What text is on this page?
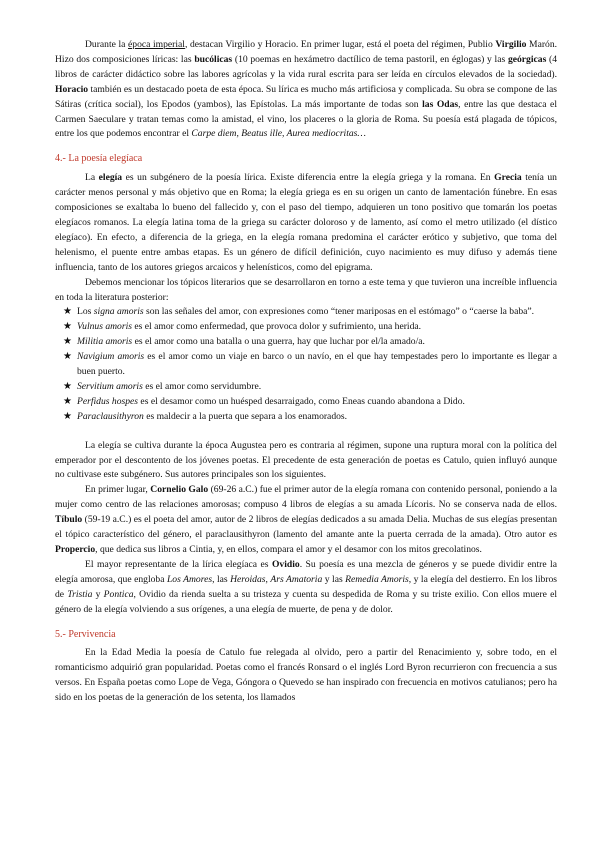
Durante la época imperial, destacan Virgilio y Horacio. En primer lugar, está el poeta del régimen, Publio Virgilio Marón. Hizo dos composiciones líricas: las bucólicas (10 poemas en hexámetro dactílico de tema pastoril, en églogas) y las geórgicas (4 libros de carácter didáctico sobre las labores agrícolas y la vida rural escrita para ser leída en círculos elevados de la sociedad). Horacio también es un destacado poeta de esta época. Su lírica es mucho más artificiosa y complicada. Su obra se compone de las Sátiras (crítica social), los Epodos (yambos), las Epístolas. La más importante de todas son las Odas, entre las que destaca el Carmen Saeculare y tratan temas como la amistad, el vino, los placeres o la gloria de Roma. Su poesía está plagada de tópicos, entre los que podemos encontrar el Carpe diem, Beatus ille, Aurea mediocritas…

4.- La poesía elegíaca

La elegía es un subgénero de la poesía lírica. Existe diferencia entre la elegía griega y la romana. En Grecia tenía un carácter menos personal y más objetivo que en Roma; la elegía griega es en su origen un canto de lamentación fúnebre. En esas composiciones se exaltaba lo bueno del fallecido y, con el paso del tiempo, adquieren un tono positivo que tomarán los poetas elegíacos romanos. La elegía latina toma de la griega su carácter doloroso y de lamento, así como el metro utilizado (el dístico elegíaco). En efecto, a diferencia de la griega, en la elegía romana predomina el carácter erótico y subjetivo, que toma del helenismo, el puente entre ambas etapas. Es un género de difícil definición, cuyo nacimiento es muy difuso y además tiene influencia, tanto de los autores griegos arcaicos y helenísticos, como del epigrama.

Debemos mencionar los tópicos literarios que se desarrollaron en torno a este tema y que tuvieron una increíble influencia en toda la literatura posterior:

★ Los signa amoris son las señales del amor, con expresiones como “tener mariposas en el estómago” o “caerse la baba”.
★ Vulnus amoris es el amor como enfermedad, que provoca dolor y sufrimiento, una herida.
★ Militia amoris es el amor como una batalla o una guerra, hay que luchar por el/la amado/a.
★ Navigium amoris es el amor como un viaje en barco o un navío, en el que hay tempestades pero lo importante es llegar a buen puerto.
★ Servitium amoris es el amor como servidumbre.
★ Perfidus hospes es el desamor como un huésped desarraigado, como Eneas cuando abandona a Dido.
★ Paraclausithyron es maldecir a la puerta que separa a los enamorados.

La elegía se cultiva durante la época Augustea pero es contraria al régimen, supone una ruptura moral con la política del emperador por el descontento de los jóvenes poetas. El precedente de esta generación de poetas es Catulo, quien influyó aunque no cultivase este subgénero. Sus autores principales son los siguientes.

En primer lugar, Cornelio Galo (69-26 a.C.) fue el primer autor de la elegía romana con contenido personal, poniendo a la mujer como centro de las relaciones amorosas; compuso 4 libros de elegías a su amada Lícoris. No se conserva nada de ellos. Tíbulo (59-19 a.C.) es el poeta del amor, autor de 2 libros de elegías dedicados a su amada Delia. Muchas de sus elegías presentan el tópico característico del género, el paraclausithyron (lamento del amante ante la puerta cerrada de la amada). Otro autor es Propercio, que dedica sus libros a Cintia, y, en ellos, compara el amor y el desamor con los mitos grecolatinos.

El mayor representante de la lírica elegíaca es Ovidio. Su poesía es una mezcla de géneros y se puede dividir entre la elegía amorosa, que engloba Los Amores, las Heroidas, Ars Amatoria y las Remedia Amoris, y la elegía del destierro. En los libros de Tristia y Pontica, Ovidio da rienda suelta a su tristeza y cuenta su despedida de Roma y su triste exilio. Con ellos muere el género de la elegía volviendo a sus orígenes, a una elegía de muerte, de pena y de dolor.

5.- Pervivencia

En la Edad Media la poesía de Catulo fue relegada al olvido, pero a partir del Renacimiento y, sobre todo, en el romanticismo adquirió gran popularidad. Poetas como el francés Ronsard o el inglés Lord Byron recurrieron con frecuencia a sus versos. En España poetas como Lope de Vega, Góngora o Quevedo se han inspirado con frecuencia en motivos catulianos; pero ha sido en los poetas de la generación de los setenta, los llamados
